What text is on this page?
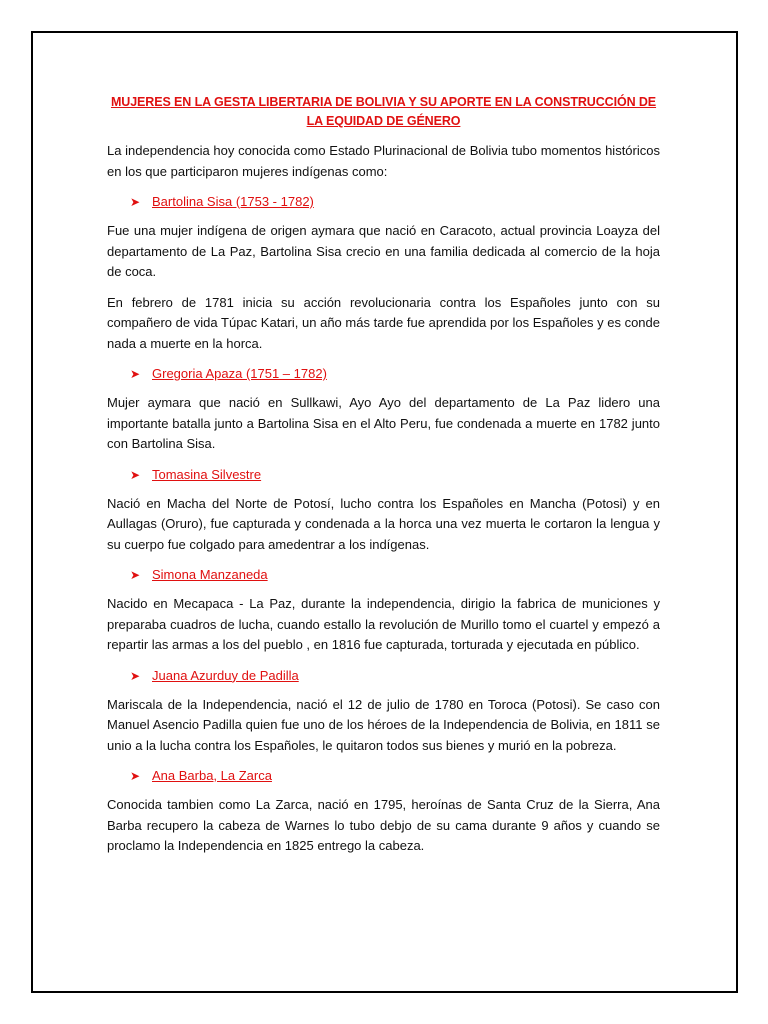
MUJERES EN LA GESTA LIBERTARIA DE BOLIVIA Y SU APORTE EN LA CONSTRUCCIÓN DE LA EQUIDAD DE GÉNERO
La independencia hoy conocida como Estado Plurinacional de Bolivia tubo momentos históricos en los que participaron mujeres indígenas como:
➤ Bartolina Sisa (1753 - 1782)
Fue una mujer indígena de origen aymara que nació en Caracoto, actual provincia Loayza del departamento de La Paz, Bartolina Sisa crecio en una familia dedicada al comercio de la hoja de coca.
En febrero de 1781 inicia su acción revolucionaria contra los Españoles junto con su compañero de vida Túpac Katari, un año más tarde fue aprendida por los Españoles y es conde nada a muerte en la horca.
➤ Gregoria Apaza (1751 – 1782)
Mujer aymara que nació en Sullkawi, Ayo Ayo del departamento de La Paz lidero una importante batalla junto a Bartolina Sisa en el Alto Peru, fue condenada a muerte en 1782 junto con Bartolina Sisa.
➤ Tomasina Silvestre
Nació en Macha del Norte de Potosí, lucho contra los Españoles en Mancha (Potosi) y en Aullagas (Oruro), fue capturada y condenada a la horca una vez muerta le cortaron la lengua y su cuerpo fue colgado para amedentrar a los indígenas.
➤ Simona Manzaneda
Nacido en Mecapaca - La Paz, durante la independencia, dirigio la fabrica de municiones y preparaba cuadros de lucha, cuando estallo la revolución de Murillo tomo el cuartel y empezó a repartir las armas a los del pueblo , en 1816 fue capturada, torturada y ejecutada en público.
➤ Juana Azurduy de Padilla
Mariscala de la Independencia, nació el 12 de julio de 1780 en Toroca (Potosi). Se caso con Manuel Asencio Padilla quien fue uno de los héroes de la Independencia de Bolivia, en 1811 se unio a la lucha contra los Españoles, le quitaron todos sus bienes y murió en la pobreza.
➤ Ana Barba, La Zarca
Conocida tambien como La Zarca, nació en 1795, heroínas de Santa Cruz de la Sierra, Ana Barba recupero la cabeza de Warnes lo tubo debjo de su cama durante 9 años y cuando se proclamo la Independencia en 1825 entrego la cabeza.
